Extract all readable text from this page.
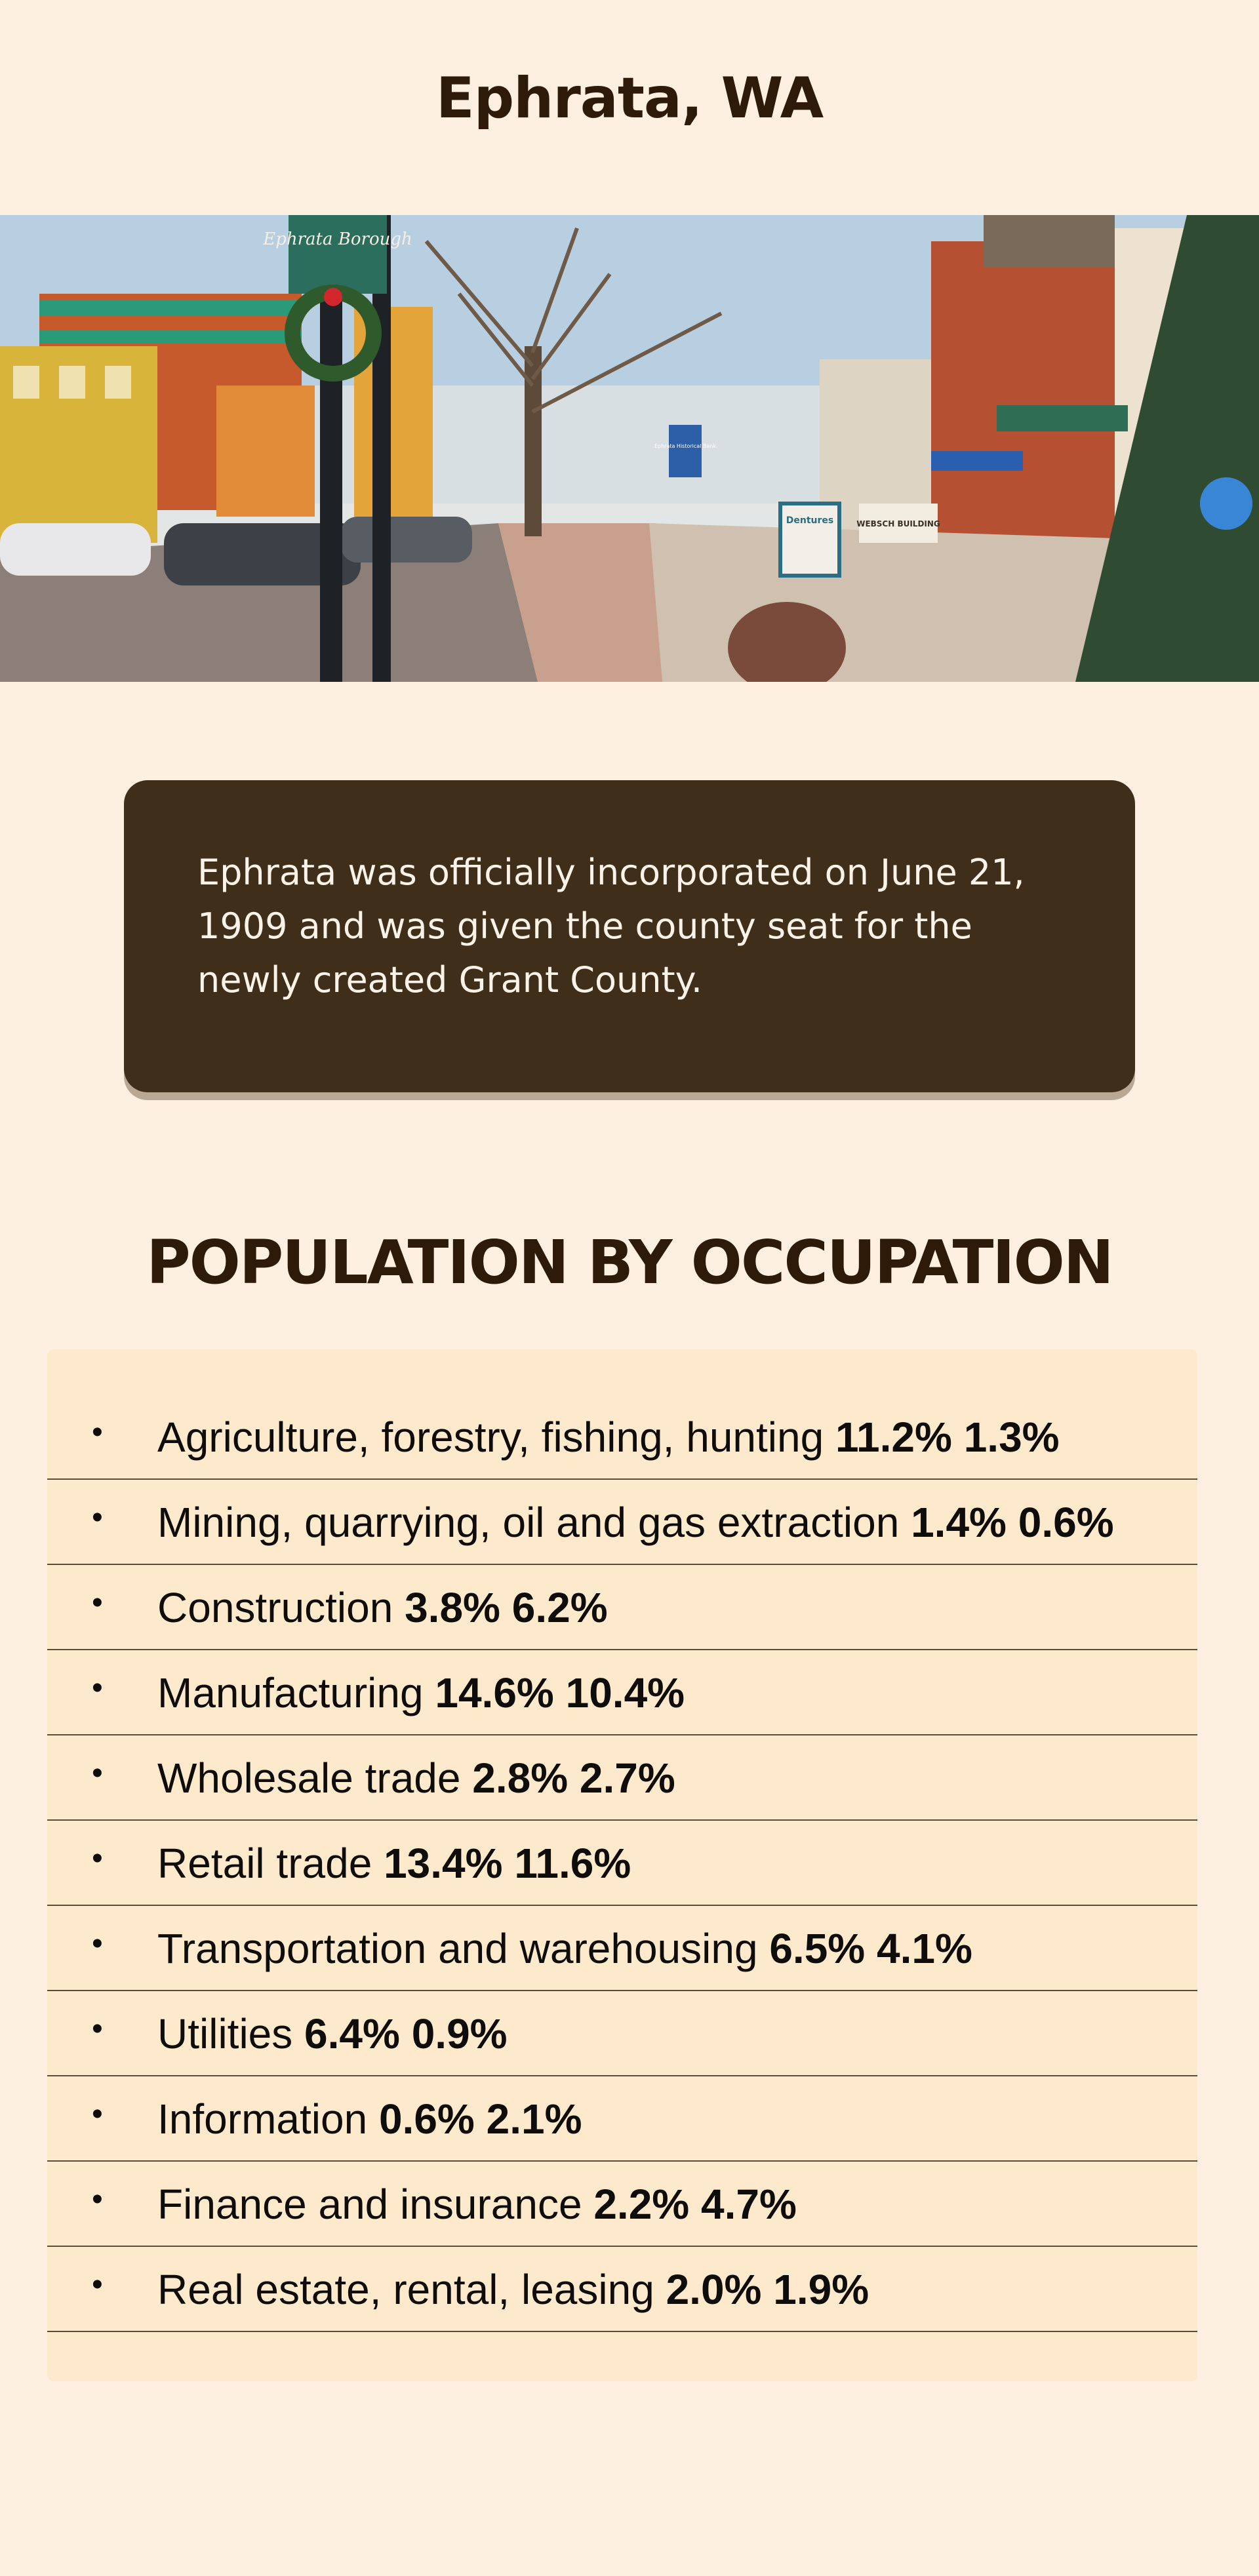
Ephrata, WA
Ephrata Borough
Dentures	WEBSCH BUILDING
Ephrata Historical Bank

Ephrata was officially incorporated on June 21, 1909 and was given the county seat for the newly created Grant County.

POPULATION BY OCCUPATION
• Agriculture, forestry, fishing, hunting 11.2% 1.3%
• Mining, quarrying, oil and gas extraction 1.4% 0.6%
• Construction 3.8% 6.2%
• Manufacturing 14.6% 10.4%
• Wholesale trade 2.8% 2.7%
• Retail trade 13.4% 11.6%
• Transportation and warehousing 6.5% 4.1%
• Utilities 6.4% 0.9%
• Information 0.6% 2.1%
• Finance and insurance 2.2% 4.7%
• Real estate, rental, leasing 2.0% 1.9%
